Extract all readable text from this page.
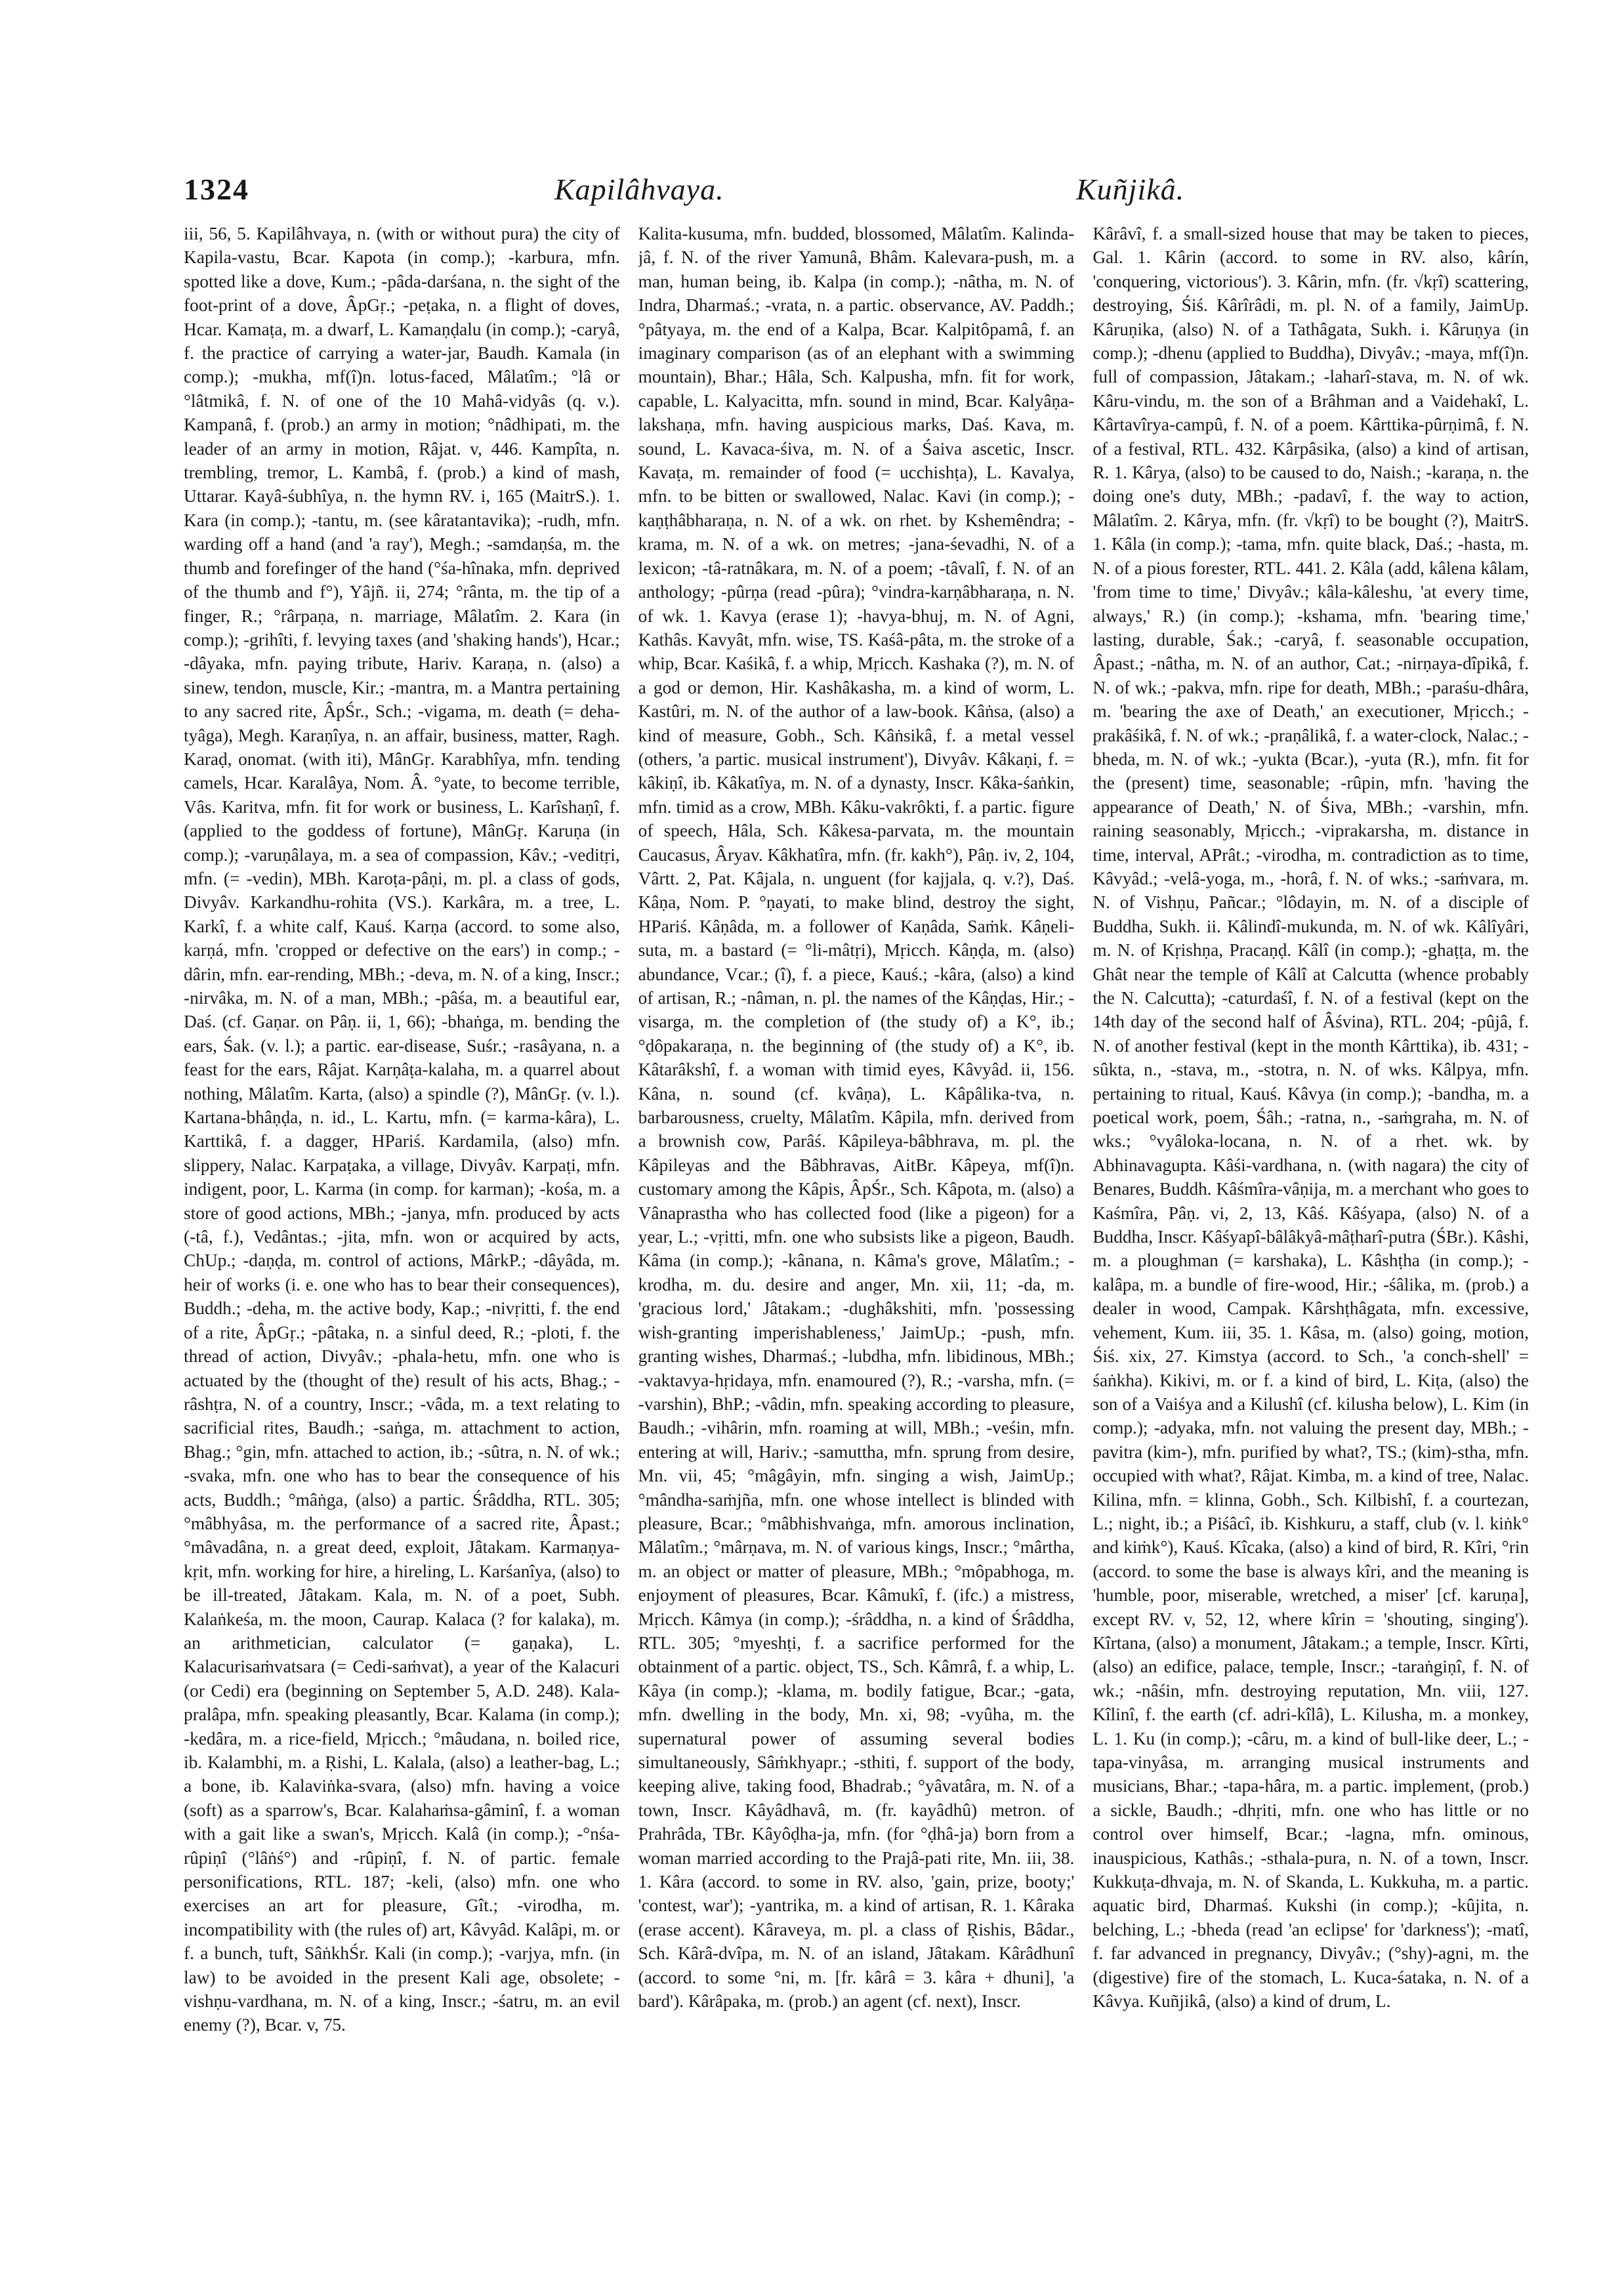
1324	Kapilâhvaya.	Kuñjikâ.

iii, 56, 5. Kapilâhvaya, n. (with or without pura) the city of Kapila-vastu, Bcar. Kapota (in comp.); -karbura, mfn. spotted like a dove, Kum.; -pâda-darśana, n. the sight of the foot-print of a dove, ÂpGṛ.; -peṭaka, n. a flight of doves, Hcar. Kamaṭa, m. a dwarf, L. Kamaṇḍalu (in comp.); -caryâ, f. the practice of carrying a water-jar, Baudh. Kamala (in comp.); -mukha, mf(î)n. lotus-faced, Mâlatîm.; °lâ or °lâtmikâ, f. N. of one of the 10 Mahâ-vidyâs (q. v.). Kampanâ, f. (prob.) an army in motion; °nâdhipati, m. the leader of an army in motion, Râjat. v, 446. Kampîta, n. trembling, tremor, L. Kambâ, f. (prob.) a kind of mash, Uttarar. Kayâ-śubhîya, n. the hymn RV. i, 165 (MaitrS.). 1. Kara (in comp.); -tantu, m. (see kâratantavika); -rudh, mfn. warding off a hand (and 'a ray'), Megh.; -samdaṇśa, m. the thumb and forefinger of the hand (°śa-hînaka, mfn. deprived of the thumb and f°), Yâjñ. ii, 274; °rânta, m. the tip of a finger, R.; °rârpaṇa, n. marriage, Mâlatîm. 2. Kara (in comp.); -grihîti, f. levying taxes (and 'shaking hands'), Hcar.; -dâyaka, mfn. paying tribute, Hariv. Karaṇa, n. (also) a sinew, tendon, muscle, Kir.; -mantra, m. a Mantra pertaining to any sacred rite, ÂpŚr., Sch.; -vigama, m. death (= deha-tyâga), Megh. Karaṇîya, n. an affair, business, matter, Ragh. Karaḍ, onomat. (with iti), MânGṛ. Karabhîya, mfn. tending camels, Hcar. Karalâya, Nom. Â. °yate, to become terrible, Vâs. Karitva, mfn. fit for work or business, L. Karîshaṇî, f. (applied to the goddess of fortune), MânGṛ. Karuṇa (in comp.); -varuṇâlaya, m. a sea of compassion, Kâv.; -veditṛi, mfn. (= -vedin), MBh. Karoṭa-pâṇi, m. pl. a class of gods, Divyâv. Karkandhu-rohita (VS.). Karkâra, m. a tree, L. Karkî, f. a white calf, Kauś. Karṇa (accord. to some also, karṇá, mfn. 'cropped or defective on the ears') in comp.; -dârin, mfn. ear-rending, MBh.; -deva, m. N. of a king, Inscr.; -nirvâka, m. N. of a man, MBh.; -pâśa, m. a beautiful ear, Daś. (cf. Gaṇar. on Pâṇ. ii, 1, 66); -bhaṅga, m. bending the ears, Śak. (v. l.); a partic. ear-disease, Suśr.; -rasâyana, n. a feast for the ears, Râjat. Karṇâṭa-kalaha, m. a quarrel about nothing, Mâlatîm. Karta, (also) a spindle (?), MânGṛ. (v. l.). Kartana-bhâṇḍa, n. id., L. Kartu, mfn. (= karma-kâra), L. Karttikâ, f. a dagger, HPariś. Kardamila, (also) mfn. slippery, Nalac. Karpaṭaka, a village, Divyâv. Karpaṭi, mfn. indigent, poor, L. Karma (in comp. for karman); -kośa, m. a store of good actions, MBh.; -janya, mfn. produced by acts (-tâ, f.), Vedântas.; -jita, mfn. won or acquired by acts, ChUp.; -daṇḍa, m. control of actions, MârkP.; -dâyâda, m. heir of works (i. e. one who has to bear their consequences), Buddh.; -deha, m. the active body, Kap.; -nivṛitti, f. the end of a rite, ÂpGṛ.; -pâtaka, n. a sinful deed, R.; -ploti, f. the thread of action, Divyâv.; -phala-hetu, mfn. one who is actuated by the (thought of the) result of his acts, Bhag.; -râshṭra, N. of a country, Inscr.; -vâda, m. a text relating to sacrificial rites, Baudh.; -saṅga, m. attachment to action, Bhag.; °gin, mfn. attached to action, ib.; -sûtra, n. N. of wk.; -svaka, mfn. one who has to bear the consequence of his acts, Buddh.; °mâṅga, (also) a partic. Śrâddha, RTL. 305; °mâbhyâsa, m. the performance of a sacred rite, Âpast.; °mâvadâna, n. a great deed, exploit, Jâtakam. Karmaṇya-kṛit, mfn. working for hire, a hireling, L. Karśanîya, (also) to be ill-treated, Jâtakam. Kala, m. N. of a poet, Subh. Kalaṅkeśa, m. the moon, Caurap. Kalaca (? for kalaka), m. an arithmetician, calculator (= gaṇaka), L. Kalacurisaṁvatsara (= Cedi-saṁvat), a year of the Kalacuri (or Cedi) era (beginning on September 5, A.D. 248). Kala-pralâpa, mfn. speaking pleasantly, Bcar. Kalama (in comp.); -kedâra, m. a rice-field, Mṛicch.; °mâudana, n. boiled rice, ib. Kalambhi, m. a Ṛishi, L. Kalala, (also) a leather-bag, L.; a bone, ib. Kalaviṅka-svara, (also) mfn. having a voice (soft) as a sparrow's, Bcar. Kalahaṁsa-gâminî, f. a woman with a gait like a swan's, Mṛicch. Kalâ (in comp.); -°nśa-rûpiṇî (°lâṅś°) and -rûpiṇî, f. N. of partic. female personifications, RTL. 187; -keli, (also) mfn. one who exercises an art for pleasure, Gît.; -virodha, m. incompatibility with (the rules of) art, Kâvyâd. Kalâpi, m. or f. a bunch, tuft, SâṅkhŚr. Kali (in comp.); -varjya, mfn. (in law) to be avoided in the present Kali age, obsolete; -vishṇu-vardhana, m. N. of a king, Inscr.; -śatru, m. an evil enemy (?), Bcar. v, 75.

Kalita-kusuma, mfn. budded, blossomed, Mâlatîm. Kalinda-jâ, f. N. of the river Yamunâ, Bhâm. Kalevara-push, m. a man, human being, ib. Kalpa (in comp.); -nâtha, m. N. of Indra, Dharmaś.; -vrata, n. a partic. observance, AV. Paddh.; °pâtyaya, m. the end of a Kalpa, Bcar. Kalpitôpamâ, f. an imaginary comparison (as of an elephant with a swimming mountain), Bhar.; Hâla, Sch. Kalpusha, mfn. fit for work, capable, L. Kalyacitta, mfn. sound in mind, Bcar. Kalyâṇa-lakshaṇa, mfn. having auspicious marks, Daś. Kava, m. sound, L. Kavaca-śiva, m. N. of a Śaiva ascetic, Inscr. Kavaṭa, m. remainder of food (= ucchishṭa), L. Kavalya, mfn. to be bitten or swallowed, Nalac. Kavi (in comp.); -kaṇṭhâbharaṇa, n. N. of a wk. on rhet. by Kshemêndra; -krama, m. N. of a wk. on metres; -jana-śevadhi, N. of a lexicon; -tâ-ratnâkara, m. N. of a poem; -tâvalî, f. N. of an anthology; -pûrṇa (read -pûra); °vindra-karṇâbharaṇa, n. N. of wk. 1. Kavya (erase 1); -havya-bhuj, m. N. of Agni, Kathâs. Kavyât, mfn. wise, TS. Kaśâ-pâta, m. the stroke of a whip, Bcar. Kaśikâ, f. a whip, Mṛicch. Kashaka (?), m. N. of a god or demon, Hir. Kashâkasha, m. a kind of worm, L. Kastûri, m. N. of the author of a law-book. Kâṅsa, (also) a kind of measure, Gobh., Sch. Kâṅsikâ, f. a metal vessel (others, 'a partic. musical instrument'), Divyâv. Kâkaṇi, f. = kâkiṇî, ib. Kâkatîya, m. N. of a dynasty, Inscr. Kâka-śaṅkin, mfn. timid as a crow, MBh. Kâku-vakrôkti, f. a partic. figure of speech, Hâla, Sch. Kâkesa-parvata, m. the mountain Caucasus, Âryav. Kâkhatîra, mfn. (fr. kakh°), Pâṇ. iv, 2, 104, Vârtt. 2, Pat. Kâjala, n. unguent (for kajjala, q. v.?), Daś. Kâṇa, Nom. P. °ṇayati, to make blind, destroy the sight, HPariś. Kâṇâda, m. a follower of Kaṇâda, Saṁk. Kâṇeli-suta, m. a bastard (= °li-mâtṛi), Mṛicch. Kâṇḍa, m. (also) abundance, Vcar.; (î), f. a piece, Kauś.; -kâra, (also) a kind of artisan, R.; -nâman, n. pl. the names of the Kâṇḍas, Hir.; -visarga, m. the completion of (the study of) a K°, ib.; °ḍôpakaraṇa, n. the beginning of (the study of) a K°, ib. Kâtarâkshî, f. a woman with timid eyes, Kâvyâd. ii, 156. Kâna, n. sound (cf. kvâṇa), L. Kâpâlika-tva, n. barbarousness, cruelty, Mâlatîm. Kâpila, mfn. derived from a brownish cow, Parâś. Kâpileya-bâbhrava, m. pl. the Kâpileyas and the Bâbhravas, AitBr. Kâpeya, mf(î)n. customary among the Kâpis, ÂpŚr., Sch. Kâpota, m. (also) a Vânaprastha who has collected food (like a pigeon) for a year, L.; -vṛitti, mfn. one who subsists like a pigeon, Baudh. Kâma (in comp.); -kânana, n. Kâma's grove, Mâlatîm.; -krodha, m. du. desire and anger, Mn. xii, 11; -da, m. 'gracious lord,' Jâtakam.; -dughâkshiti, mfn. 'possessing wish-granting imperishableness,' JaimUp.; -push, mfn. granting wishes, Dharmaś.; -lubdha, mfn. libidinous, MBh.; -vaktavya-hṛidaya, mfn. enamoured (?), R.; -varsha, mfn. (= -varshin), BhP.; -vâdin, mfn. speaking according to pleasure, Baudh.; -vihârin, mfn. roaming at will, MBh.; -veśin, mfn. entering at will, Hariv.; -samuttha, mfn. sprung from desire, Mn. vii, 45; °mâgâyin, mfn. singing a wish, JaimUp.; °mândha-saṁjña, mfn. one whose intellect is blinded with pleasure, Bcar.; °mâbhishvaṅga, mfn. amorous inclination, Mâlatîm.; °mârṇava, m. N. of various kings, Inscr.; °mârtha, m. an object or matter of pleasure, MBh.; °môpabhoga, m. enjoyment of pleasures, Bcar. Kâmukî, f. (ifc.) a mistress, Mṛicch. Kâmya (in comp.); -śrâddha, n. a kind of Śrâddha, RTL. 305; °myeshṭi, f. a sacrifice performed for the obtainment of a partic. object, TS., Sch. Kâmrâ, f. a whip, L. Kâya (in comp.); -klama, m. bodily fatigue, Bcar.; -gata, mfn. dwelling in the body, Mn. xi, 98; -vyûha, m. the supernatural power of assuming several bodies simultaneously, Sâṁkhyapr.; -sthiti, f. support of the body, keeping alive, taking food, Bhadrab.; °yâvatâra, m. N. of a town, Inscr. Kâyâdhavâ, m. (fr. kayâdhû) metron. of Prahrâda, TBr. Kâyôḍha-ja, mfn. (for °ḍhâ-ja) born from a woman married according to the Prajâ-pati rite, Mn. iii, 38. 1. Kâra (accord. to some in RV. also, 'gain, prize, booty;' 'contest, war'); -yantrika, m. a kind of artisan, R. 1. Kâraka (erase accent). Kâraveya, m. pl. a class of Ṛishis, Bâdar., Sch. Kârâ-dvîpa, m. N. of an island, Jâtakam. Kârâdhunî (accord. to some °ni, m. [fr. kârâ = 3. kâra + dhuni], 'a bard'). Kârâpaka, m. (prob.) an agent (cf. next), Inscr.

Kârâvî, f. a small-sized house that may be taken to pieces, Gal. 1. Kârin (accord. to some in RV. also, kârín, 'conquering, victorious'). 3. Kârin, mfn. (fr. √kṛî) scattering, destroying, Śiś. Kârîrâdi, m. pl. N. of a family, JaimUp. Kâruṇika, (also) N. of a Tathâgata, Sukh. i. Kâruṇya (in comp.); -dhenu (applied to Buddha), Divyâv.; -maya, mf(î)n. full of compassion, Jâtakam.; -laharî-stava, m. N. of wk. Kâru-vindu, m. the son of a Brâhman and a Vaidehakî, L. Kârtavîrya-campû, f. N. of a poem. Kârttika-pûrṇimâ, f. N. of a festival, RTL. 432. Kârpâsika, (also) a kind of artisan, R. 1. Kârya, (also) to be caused to do, Naish.; -karaṇa, n. the doing one's duty, MBh.; -padavî, f. the way to action, Mâlatîm. 2. Kârya, mfn. (fr. √kṛî) to be bought (?), MaitrS. 1. Kâla (in comp.); -tama, mfn. quite black, Daś.; -hasta, m. N. of a pious forester, RTL. 441. 2. Kâla (add, kâlena kâlam, 'from time to time,' Divyâv.; kâla-kâleshu, 'at every time, always,' R.) (in comp.); -kshama, mfn. 'bearing time,' lasting, durable, Śak.; -caryâ, f. seasonable occupation, Âpast.; -nâtha, m. N. of an author, Cat.; -nirṇaya-dîpikâ, f. N. of wk.; -pakva, mfn. ripe for death, MBh.; -paraśu-dhâra, m. 'bearing the axe of Death,' an executioner, Mṛicch.; -prakâśikâ, f. N. of wk.; -praṇâlikâ, f. a water-clock, Nalac.; -bheda, m. N. of wk.; -yukta (Bcar.), -yuta (R.), mfn. fit for the (present) time, seasonable; -rûpin, mfn. 'having the appearance of Death,' N. of Śiva, MBh.; -varshin, mfn. raining seasonably, Mṛicch.; -viprakarsha, m. distance in time, interval, APrât.; -virodha, m. contradiction as to time, Kâvyâd.; -velâ-yoga, m., -horâ, f. N. of wks.; -saṁvara, m. N. of Vishṇu, Pañcar.; °lôdayin, m. N. of a disciple of Buddha, Sukh. ii. Kâlindî-mukunda, m. N. of wk. Kâlîyâri, m. N. of Kṛishṇa, Pracaṇḍ. Kâlî (in comp.); -ghaṭṭa, m. the Ghât near the temple of Kâlî at Calcutta (whence probably the N. Calcutta); -caturdaśî, f. N. of a festival (kept on the 14th day of the second half of Âśvina), RTL. 204; -pûjâ, f. N. of another festival (kept in the month Kârttika), ib. 431; -sûkta, n., -stava, m., -stotra, n. N. of wks. Kâlpya, mfn. pertaining to ritual, Kauś. Kâvya (in comp.); -bandha, m. a poetical work, poem, Śâh.; -ratna, n., -saṁgraha, m. N. of wks.; °vyâloka-locana, n. N. of a rhet. wk. by Abhinavagupta. Kâśi-vardhana, n. (with nagara) the city of Benares, Buddh. Kâśmîra-vâṇija, m. a merchant who goes to Kaśmîra, Pâṇ. vi, 2, 13, Kâś. Kâśyapa, (also) N. of a Buddha, Inscr. Kâśyapî-bâlâkyâ-mâṭharî-putra (ŚBr.). Kâshi, m. a ploughman (= karshaka), L. Kâshṭha (in comp.); -kalâpa, m. a bundle of fire-wood, Hir.; -śâlika, m. (prob.) a dealer in wood, Campak. Kârshṭhâgata, mfn. excessive, vehement, Kum. iii, 35. 1. Kâsa, m. (also) going, motion, Śiś. xix, 27. Kimstya (accord. to Sch., 'a conch-shell' = śaṅkha). Kikivi, m. or f. a kind of bird, L. Kiṭa, (also) the son of a Vaiśya and a Kilushî (cf. kilusha below), L. Kim (in comp.); -adyaka, mfn. not valuing the present day, MBh.; -pavitra (kim-), mfn. purified by what?, TS.; (kim)-stha, mfn. occupied with what?, Râjat. Kimba, m. a kind of tree, Nalac. Kilina, mfn. = klinna, Gobh., Sch. Kilbishî, f. a courtezan, L.; night, ib.; a Piśâcî, ib. Kishkuru, a staff, club (v. l. kiṅk° and kiṁk°), Kauś. Kîcaka, (also) a kind of bird, R. Kîri, °rin (accord. to some the base is always kîri, and the meaning is 'humble, poor, miserable, wretched, a miser' [cf. karuṇa], except RV. v, 52, 12, where kîrin = 'shouting, singing'). Kîrtana, (also) a monument, Jâtakam.; a temple, Inscr. Kîrti, (also) an edifice, palace, temple, Inscr.; -taraṅgiṇî, f. N. of wk.; -nâśin, mfn. destroying reputation, Mn. viii, 127. Kîlinî, f. the earth (cf. adri-kîlâ), L. Kilusha, m. a monkey, L. 1. Ku (in comp.); -câru, m. a kind of bull-like deer, L.; -tapa-vinyâsa, m. arranging musical instruments and musicians, Bhar.; -tapa-hâra, m. a partic. implement, (prob.) a sickle, Baudh.; -dhṛiti, mfn. one who has little or no control over himself, Bcar.; -lagna, mfn. ominous, inauspicious, Kathâs.; -sthala-pura, n. N. of a town, Inscr. Kukkuṭa-dhvaja, m. N. of Skanda, L. Kukkuha, m. a partic. aquatic bird, Dharmaś. Kukshi (in comp.); -kûjita, n. belching, L.; -bheda (read 'an eclipse' for 'darkness'); -matî, f. far advanced in pregnancy, Divyâv.; (°shy)-agni, m. the (digestive) fire of the stomach, L. Kuca-śataka, n. N. of a Kâvya. Kuñjikâ, (also) a kind of drum, L.
